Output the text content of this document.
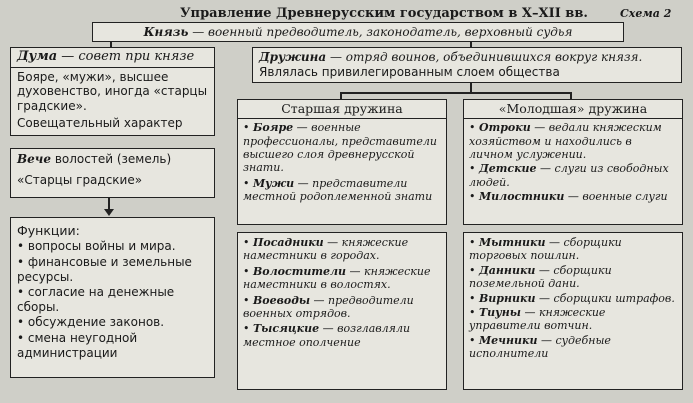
Управление Древнерусским государством в X–XII вв.	Схема 2
Князь — военный предводитель, законодатель, верховный судья
Дума — совет при князе
Бояре, «мужи», высшее духовенство, иногда «старцы градские».
Совещательный характер
Дружина — отряд воинов, объединившихся вокруг князя.
Являлась привилегированным слоем общества
Вече волостей (земель)
«Старцы градские»

Функции:

• вопросы войны и мира.

• финансовые и земельные ресурсы.

• согласие на денежные сборы.

• обсуждение законов.

• смена неугодной администрации

Старшая дружина

• Бояре — военные профессионалы, представители высшего слоя древнерусской знати.

• Мужи — представители местной родоплеменной знати

«Молодшая» дружина

• Отроки — ведали княжеским хозяйством и находились в личном услужении.

• Детские — слуги из свободных людей.

• Милостники — военные слуги

• Посадники — княжеские наместники в городах.

• Волостители — княжеские наместники в волостях.

• Воеводы — предводители военных отрядов.

• Тысяцкие — возглавляли местное ополчение

• Мытники — сборщики торговых пошлин.

• Данники — сборщики поземельной дани.

• Вирники — сборщики штрафов.

• Тиуны — княжеские управители вотчин.

• Мечники — судебные исполнители
